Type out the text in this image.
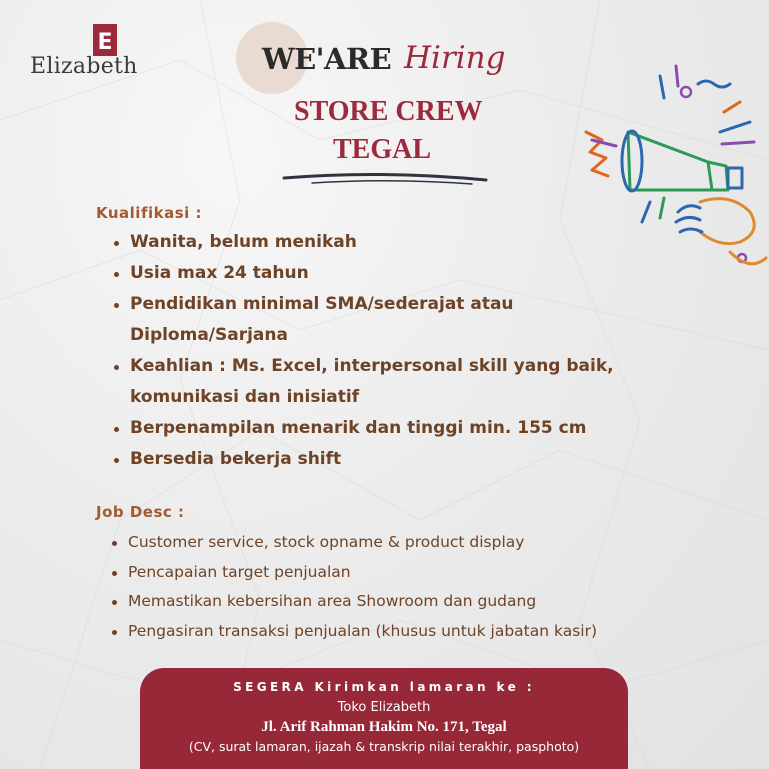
E
Elizabeth	WE'ARE Hiring
STORE CREW
TEGAL
Kualifikasi :
Wanita, belum menikah
Usia max 24 tahun
Pendidikan minimal SMA/sederajat atau
Diploma/Sarjana
Keahlian : Ms. Excel, interpersonal skill yang baik,
komunikasi dan inisiatif
Berpenampilan menarik dan tinggi min. 155 cm
Bersedia bekerja shift
Job Desc :
Customer service, stock opname & product display
Pencapaian target penjualan
Memastikan kebersihan area Showroom dan gudang
Pengasiran transaksi penjualan (khusus untuk jabatan kasir)
SEGERA Kirimkan lamaran ke :
Toko Elizabeth
Jl. Arif Rahman Hakim No. 171, Tegal
(CV, surat lamaran, ijazah & transkrip nilai terakhir, pasphoto)
